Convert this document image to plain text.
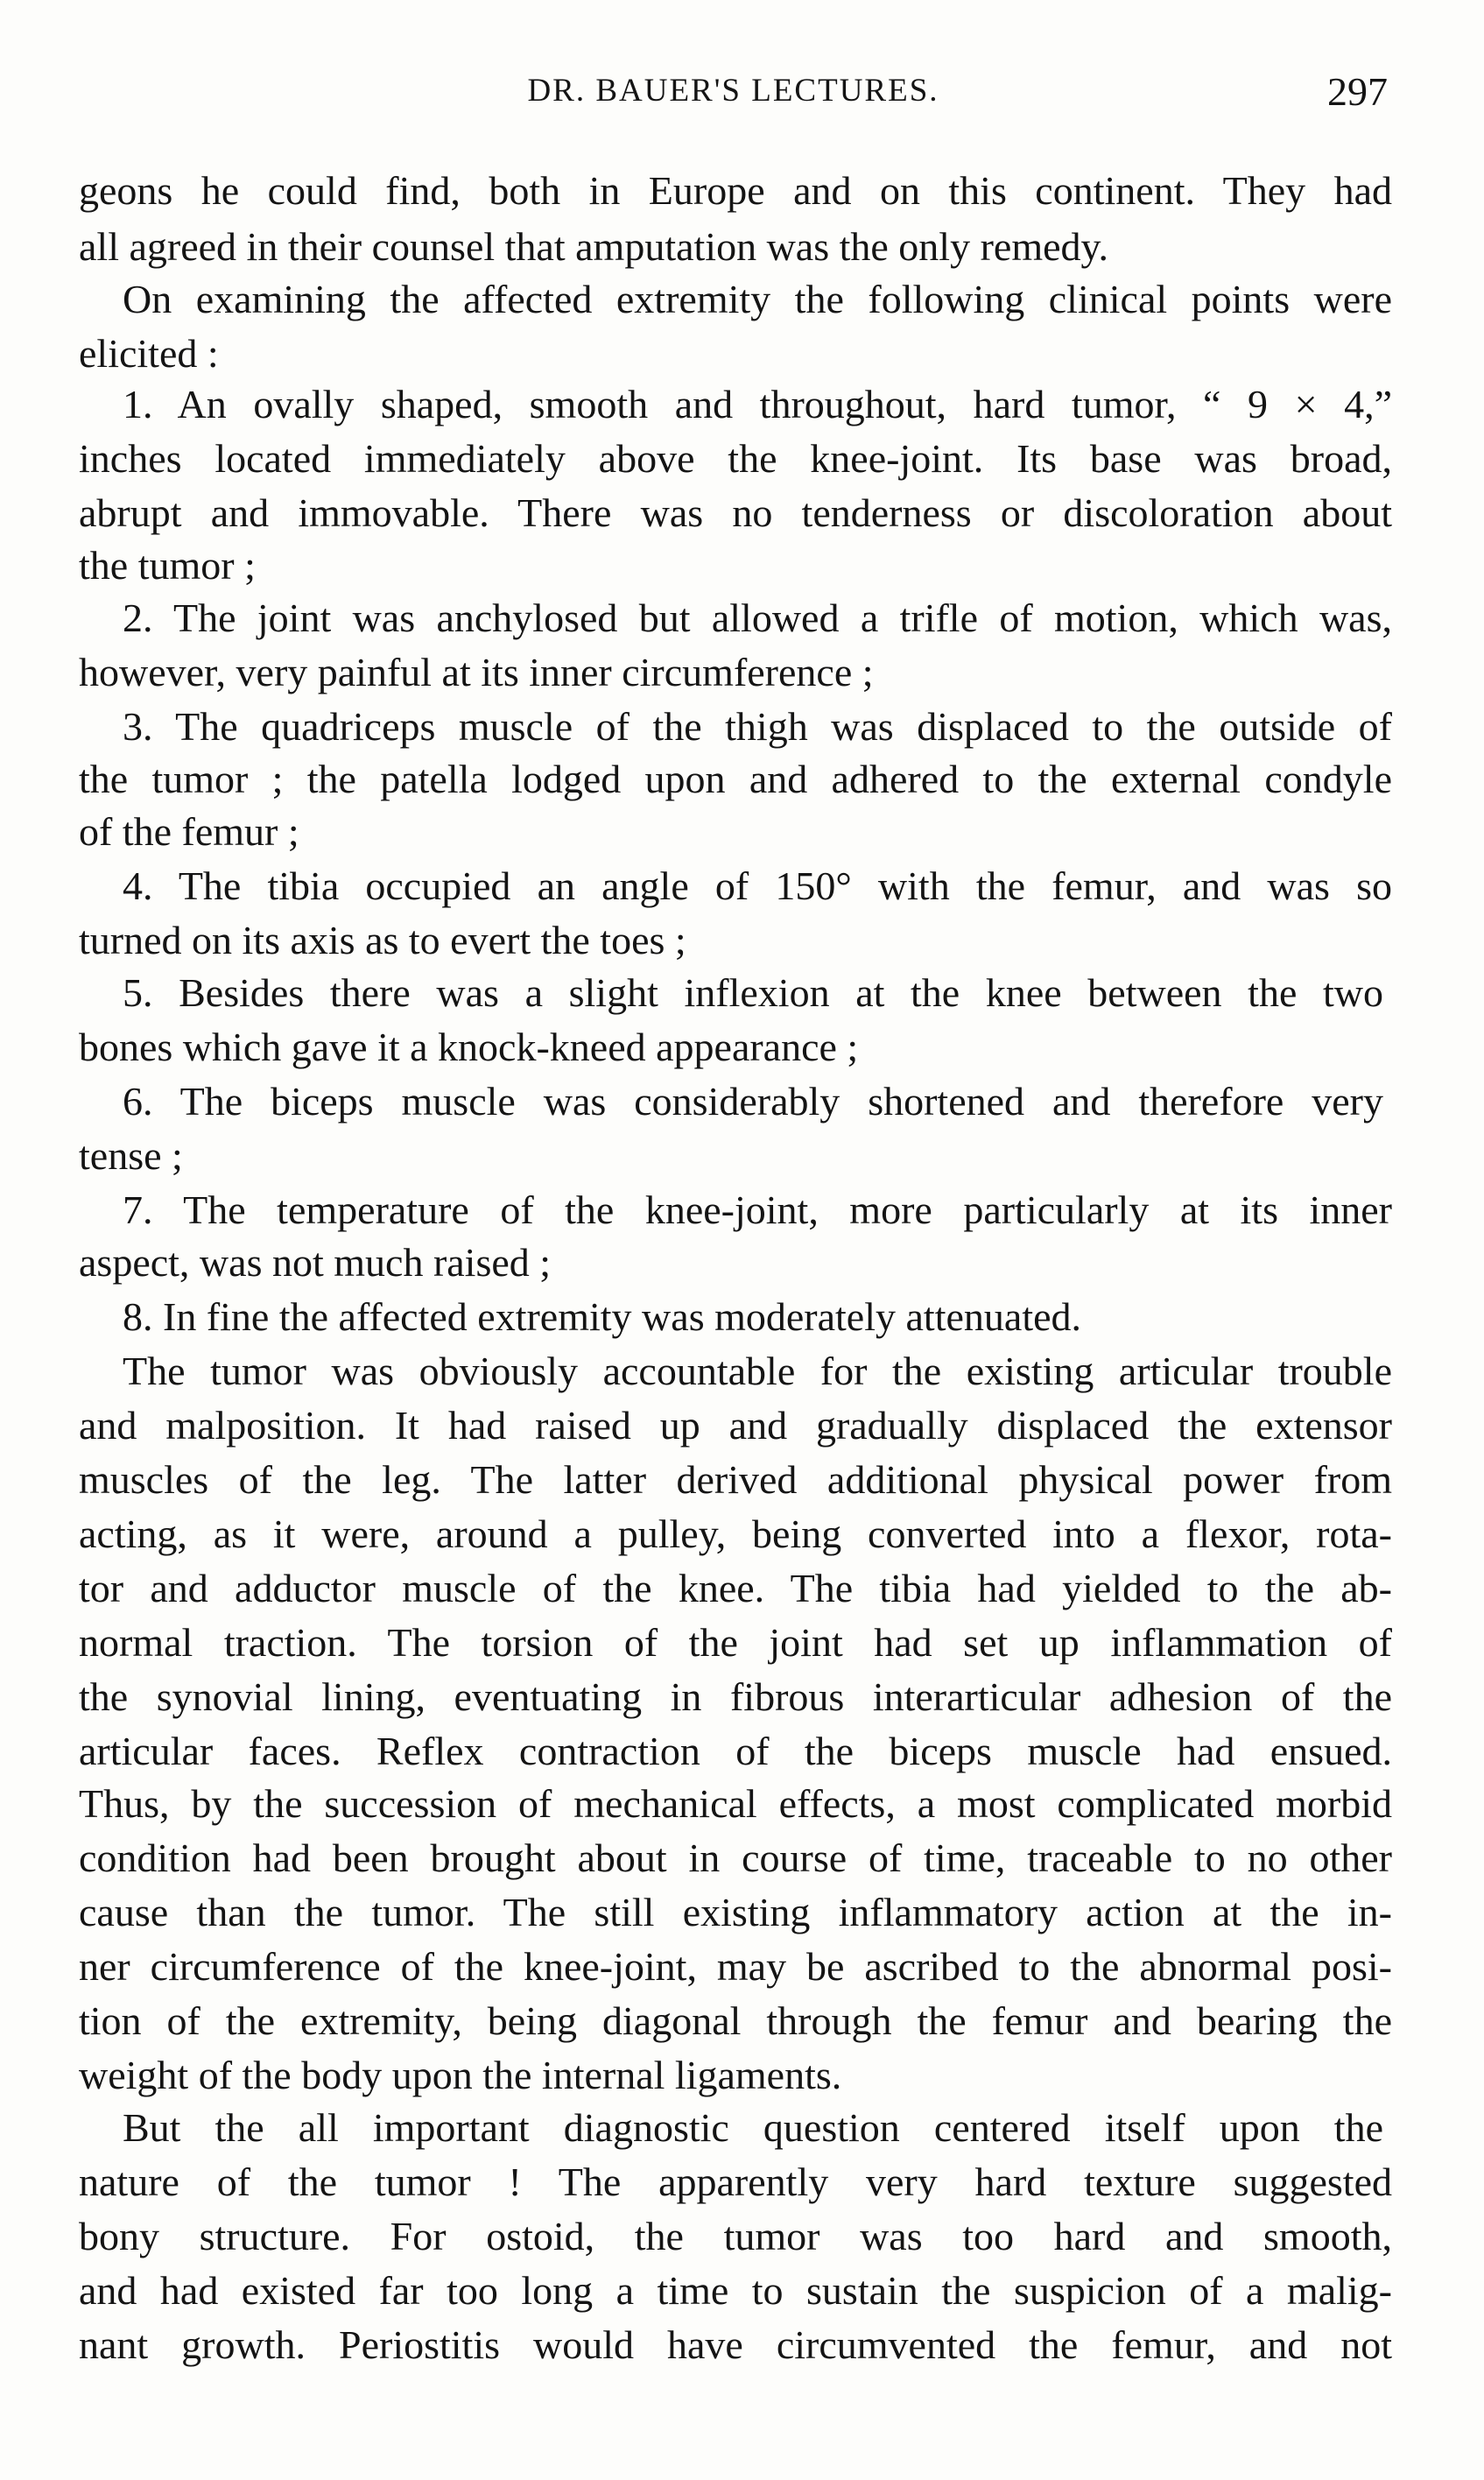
DR. BAUER'S LECTURES.	297
geons he could find, both in Europe and on this continent. They had
all agreed in their counsel that amputation was the only remedy.
On examining the affected extremity the following clinical points were
elicited :
1. An ovally shaped, smooth and throughout, hard tumor, “ 9 × 4,”
inches located immediately above the knee-joint. Its base was broad,
abrupt and immovable. There was no tenderness or discoloration about
the tumor ;
2. The joint was anchylosed but allowed a trifle of motion, which was,
however, very painful at its inner circumference ;
3. The quadriceps muscle of the thigh was displaced to the outside of
the tumor ; the patella lodged upon and adhered to the external condyle
of the femur ;
4. The tibia occupied an angle of 150° with the femur, and was so
turned on its axis as to evert the toes ;
5. Besides there was a slight inflexion at the knee between the two
bones which gave it a knock-kneed appearance ;
6. The biceps muscle was considerably shortened and therefore very
tense ;
7. The temperature of the knee-joint, more particularly at its inner
aspect, was not much raised ;
8. In fine the affected extremity was moderately attenuated.
The tumor was obviously accountable for the existing articular trouble
and malposition. It had raised up and gradually displaced the extensor
muscles of the leg. The latter derived additional physical power from
acting, as it were, around a pulley, being converted into a flexor, rota-
tor and adductor muscle of the knee. The tibia had yielded to the ab-
normal traction. The torsion of the joint had set up inflammation of
the synovial lining, eventuating in fibrous interarticular adhesion of the
articular faces. Reflex contraction of the biceps muscle had ensued.
Thus, by the succession of mechanical effects, a most complicated morbid
condition had been brought about in course of time, traceable to no other
cause than the tumor. The still existing inflammatory action at the in-
ner circumference of the knee-joint, may be ascribed to the abnormal posi-
tion of the extremity, being diagonal through the femur and bearing the
weight of the body upon the internal ligaments.
But the all important diagnostic question centered itself upon the
nature of the tumor ! The apparently very hard texture suggested
bony structure. For ostoid, the tumor was too hard and smooth,
and had existed far too long a time to sustain the suspicion of a malig-
nant growth. Periostitis would have circumvented the femur, and not
